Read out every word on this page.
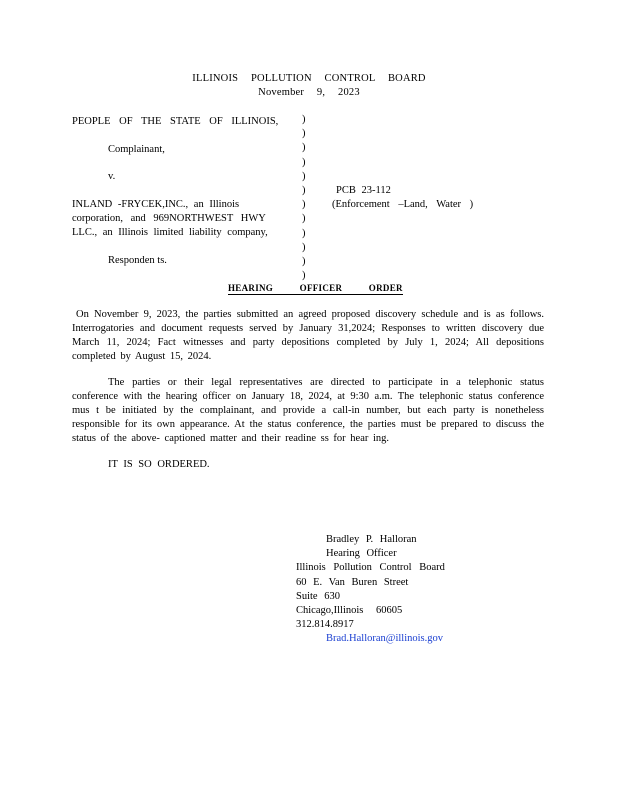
ILLINOIS POLLUTION CONTROL BOARD
November 9, 2023
PEOPLE OF THE STATE OF ILLINOIS,
Complainant,
v.
INLAND -FRYCEK,INC., an Illinois
corporation, and 969NORTHWEST HWY
LLC., an Illinois limited liability company,
Responden ts.
)
)
)
)
)
)
)
)
)
)
)
)
PCB 23-112
(Enforcement –Land, Water )
HEARING OFFICER ORDER
On November 9, 2023, the parties submitted an agreed proposed discovery schedule and is as follows. Interrogatories and document requests served by January 31,2024; Responses to written discovery due March 11, 2024; Fact witnesses and party depositions completed by July 1, 2024; All depositions completed by August 15, 2024.
The parties or their legal representatives are directed to participate in a telephonic status conference with the hearing officer on January 18, 2024, at 9:30 a.m. The telephonic status conference mus t be initiated by the complainant, and provide a call-in number, but each party is nonetheless responsible for its own appearance. At the status conference, the parties must be prepared to discuss the status of the above- captioned matter and their readine ss for hear ing.
IT IS SO ORDERED.
Bradley P. Halloran
Hearing Officer
Illinois Pollution Control Board
60 E. Van Buren Street
Suite 630
Chicago,Illinois 60605
312.814.8917
Brad.Halloran@illinois.gov
